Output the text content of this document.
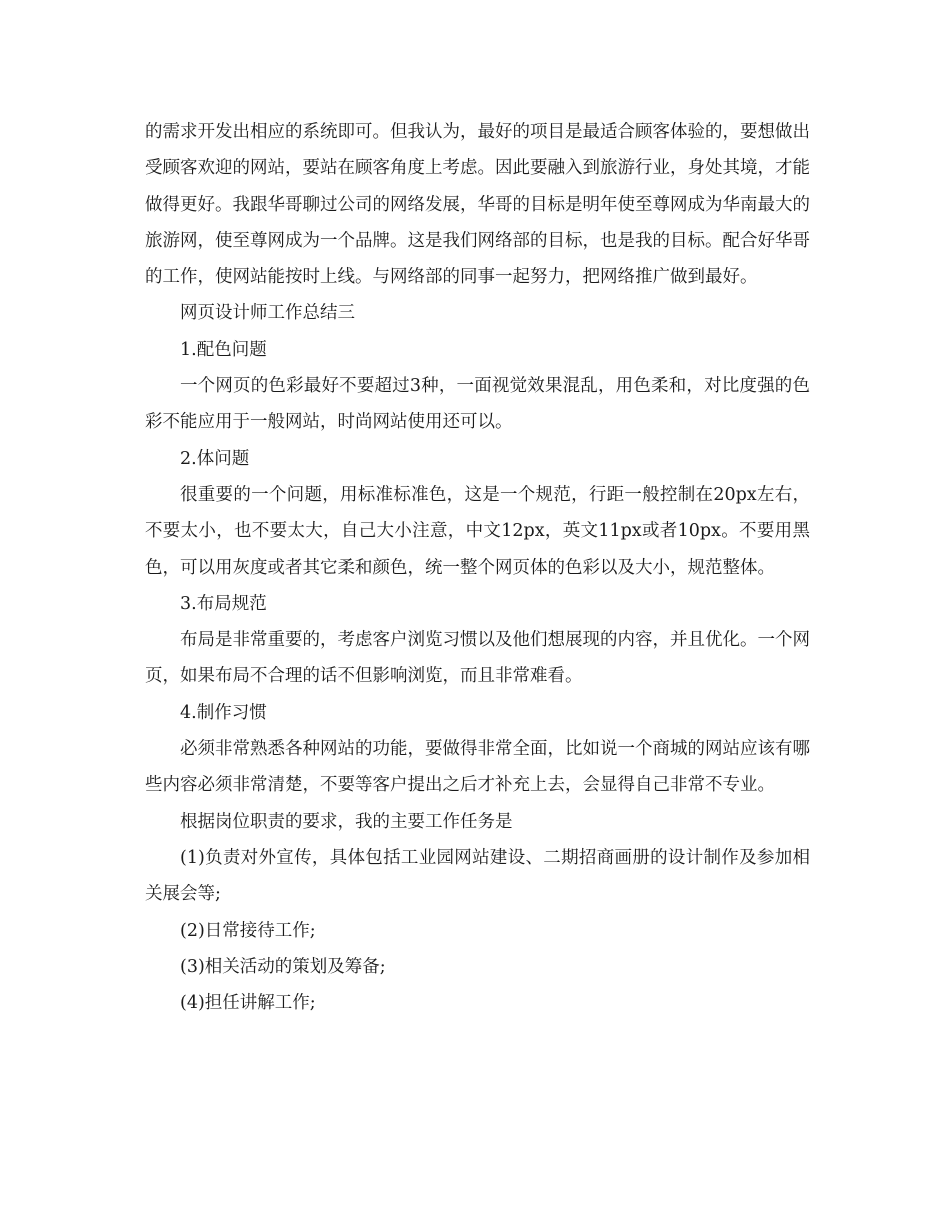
的需求开发出相应的系统即可。但我认为，最好的项目是最适合顾客体验的，要想做出受顾客欢迎的网站，要站在顾客角度上考虑。因此要融入到旅游行业，身处其境，才能做得更好。我跟华哥聊过公司的网络发展，华哥的目标是明年使至尊网成为华南最大的旅游网，使至尊网成为一个品牌。这是我们网络部的目标，也是我的目标。配合好华哥的工作，使网站能按时上线。与网络部的同事一起努力，把网络推广做到最好。

网页设计师工作总结三

1.配色问题

一个网页的色彩最好不要超过3种，一面视觉效果混乱，用色柔和，对比度强的色彩不能应用于一般网站，时尚网站使用还可以。

2.体问题

很重要的一个问题，用标准标准色，这是一个规范，行距一般控制在20px左右，不要太小，也不要太大，自己大小注意，中文12px，英文11px或者10px。不要用黑色，可以用灰度或者其它柔和颜色，统一整个网页体的色彩以及大小，规范整体。

3.布局规范

布局是非常重要的，考虑客户浏览习惯以及他们想展现的内容，并且优化。一个网页，如果布局不合理的话不但影响浏览，而且非常难看。

4.制作习惯

必须非常熟悉各种网站的功能，要做得非常全面，比如说一个商城的网站应该有哪些内容必须非常清楚，不要等客户提出之后才补充上去，会显得自己非常不专业。

根据岗位职责的要求，我的主要工作任务是

(1)负责对外宣传，具体包括工业园网站建设、二期招商画册的设计制作及参加相关展会等;

(2)日常接待工作;

(3)相关活动的策划及筹备;

(4)担任讲解工作;
